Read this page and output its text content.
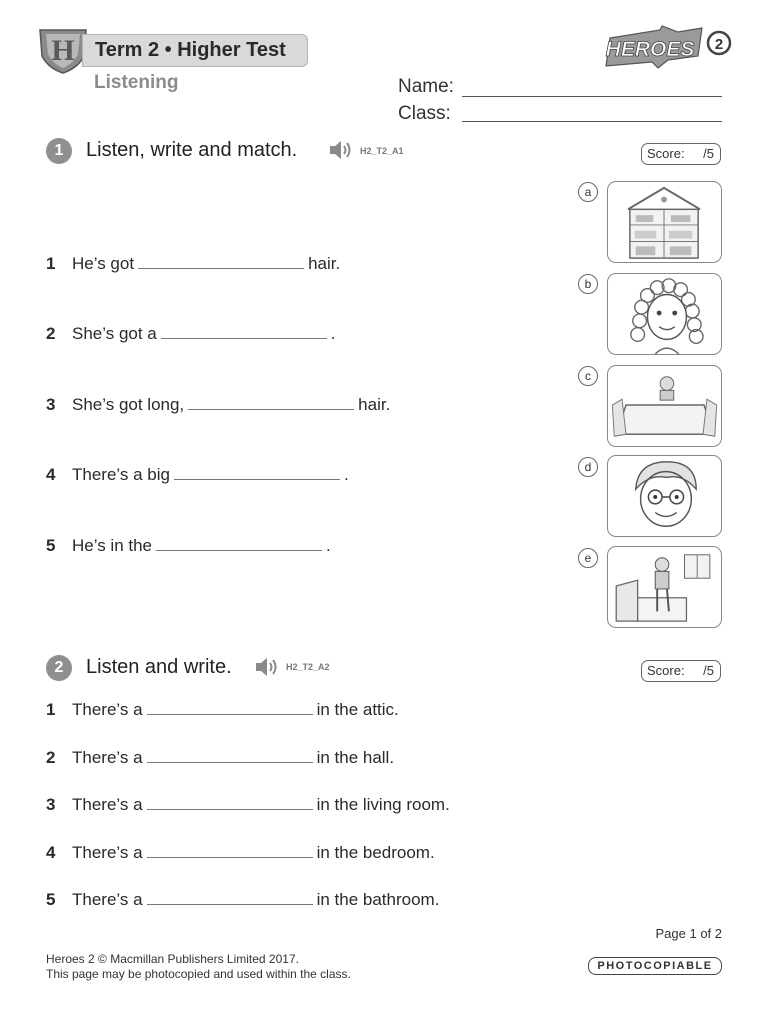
H	Term 2 • Higher Test
Listening
HEROES 2
Name:
Class:
1	Listen, write and match.	H2_T2_A1	Score: /5
1 He’s got	hair.
2 She’s got a	.
3 She’s got long,	hair.
4 There’s a big	.
5 He’s in the	.
a
b
c
d
e
2	Listen and write.	H2_T2_A2	Score: /5
1 There’s a	in the attic.
2 There’s a	in the hall.
3 There’s a	in the living room.
4 There’s a	in the bedroom.
5 There’s a	in the bathroom.
Page 1 of 2
Heroes 2 © Macmillan Publishers Limited 2017.
This page may be photocopied and used within the class.
PHOTOCOPIABLE
